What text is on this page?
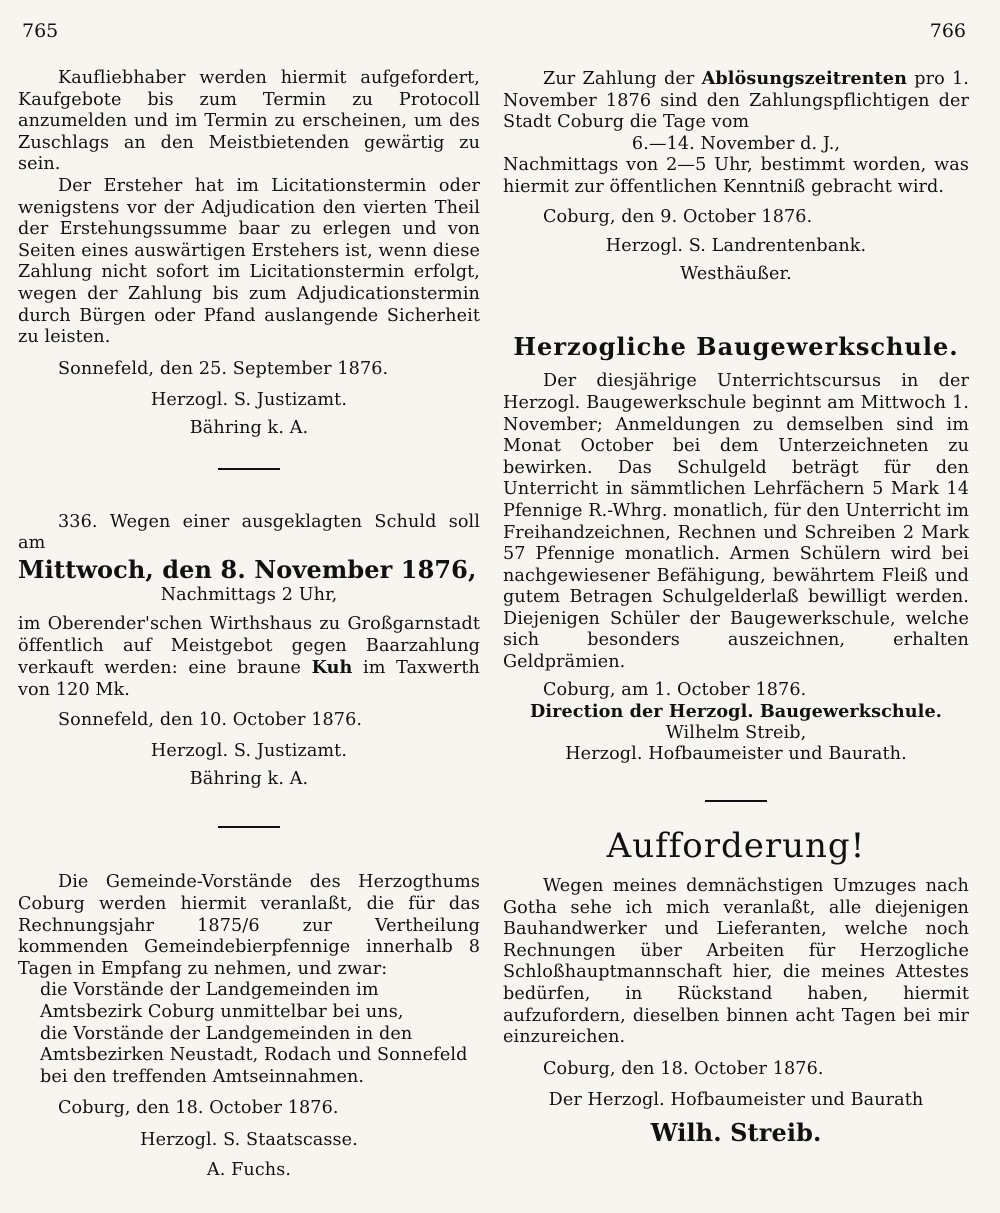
765	766

Kaufliebhaber werden hiermit aufgefordert, Kaufgebote bis zum Termin zu Protocoll anzumelden und im Termin zu erscheinen, um des Zuschlags an den Meistbietenden gewärtig zu sein.

Der Ersteher hat im Licitationstermin oder wenigstens vor der Adjudication den vierten Theil der Erstehungssumme baar zu erlegen und von Seiten eines auswärtigen Erstehers ist, wenn diese Zahlung nicht sofort im Licitationstermin erfolgt, wegen der Zahlung bis zum Adjudicationstermin durch Bürgen oder Pfand auslangende Sicherheit zu leisten.

Sonnefeld, den 25. September 1876.

Herzogl. S. Justizamt.

Bähring k. A.

336. Wegen einer ausgeklagten Schuld soll am

Mittwoch, den 8. November 1876,

Nachmittags 2 Uhr,

im Oberender'schen Wirthshaus zu Großgarnstadt öffentlich auf Meistgebot gegen Baarzahlung verkauft werden: eine braune Kuh im Taxwerth von 120 Mk.

Sonnefeld, den 10. October 1876.

Herzogl. S. Justizamt.

Bähring k. A.

Die Gemeinde-Vorstände des Herzogthums Coburg werden hiermit veranlaßt, die für das Rechnungsjahr 1875/6 zur Vertheilung kommenden Gemeindebierpfennige innerhalb 8 Tagen in Empfang zu nehmen, und zwar:

die Vorstände der Landgemeinden im Amtsbezirk Coburg unmittelbar bei uns,
die Vorstände der Landgemeinden in den Amtsbezirken Neustadt, Rodach und Sonnefeld bei den treffenden Amtseinnahmen.

Coburg, den 18. October 1876.

Herzogl. S. Staatscasse.

A. Fuchs.

Zur Zahlung der Ablösungszeitrenten pro 1. November 1876 sind den Zahlungspflichtigen der Stadt Coburg die Tage vom

6.—14. November d. J.,

Nachmittags von 2—5 Uhr, bestimmt worden, was hiermit zur öffentlichen Kenntniß gebracht wird.

Coburg, den 9. October 1876.

Herzogl. S. Landrentenbank.

Westhäußer.

Herzogliche Baugewerkschule.

Der diesjährige Unterrichtscursus in der Herzogl. Baugewerkschule beginnt am Mittwoch 1. November; Anmeldungen zu demselben sind im Monat October bei dem Unterzeichneten zu bewirken. Das Schulgeld beträgt für den Unterricht in sämmtlichen Lehrfächern 5 Mark 14 Pfennige R.-Whrg. monatlich, für den Unterricht im Freihandzeichnen, Rechnen und Schreiben 2 Mark 57 Pfennige monatlich. Armen Schülern wird bei nachgewiesener Befähigung, bewährtem Fleiß und gutem Betragen Schulgelderlaß bewilligt werden. Diejenigen Schüler der Baugewerkschule, welche sich besonders auszeichnen, erhalten Geldprämien.

Coburg, am 1. October 1876.

Direction der Herzogl. Baugewerkschule.

Wilhelm Streib,

Herzogl. Hofbaumeister und Baurath.

Aufforderung!

Wegen meines demnächstigen Umzuges nach Gotha sehe ich mich veranlaßt, alle diejenigen Bauhandwerker und Lieferanten, welche noch Rechnungen über Arbeiten für Herzogliche Schloßhauptmannschaft hier, die meines Attestes bedürfen, in Rückstand haben, hiermit aufzufordern, dieselben binnen acht Tagen bei mir einzureichen.

Coburg, den 18. October 1876.

Der Herzogl. Hofbaumeister und Baurath

Wilh. Streib.
